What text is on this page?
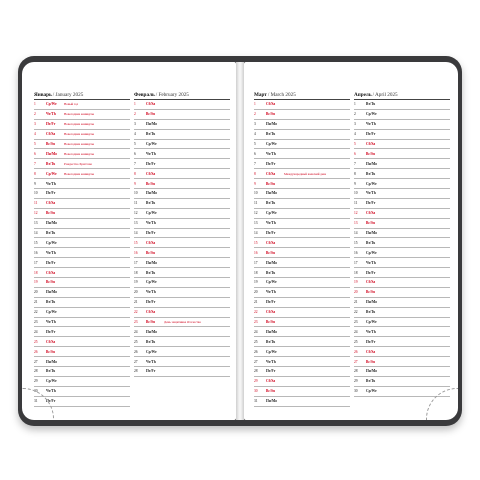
Январь / January 2025
1	Ср/We	Новый год
2	Чт/Th	Новогодние каникулы
3	Пт/Fr	Новогодние каникулы
4	Сб/Sa	Новогодние каникулы
5	Вс/Su	Новогодние каникулы
6	Пн/Mo	Новогодние каникулы
7	Вт/Tu	Рождество Христово
8	Ср/We	Новогодние каникулы
9	Чт/Th
10	Пт/Fr
11	Сб/Sa
12	Вс/Su
13	Пн/Mo
14	Вт/Tu
15	Ср/We
16	Чт/Th
17	Пт/Fr
18	Сб/Sa
19	Вс/Su
20	Пн/Mo
21	Вт/Tu
22	Ср/We
23	Чт/Th
24	Пт/Fr
25	Сб/Sa
26	Вс/Su
27	Пн/Mo
28	Вт/Tu
29	Ср/We
30	Чт/Th
31	Пт/Fr
Февраль / February 2025
1	Сб/Sa
2	Вс/Su
3	Пн/Mo
4	Вт/Tu
5	Ср/We
6	Чт/Th
7	Пт/Fr
8	Сб/Sa
9	Вс/Su
10	Пн/Mo
11	Вт/Tu
12	Ср/We
13	Чт/Th
14	Пт/Fr
15	Сб/Sa
16	Вс/Su
17	Пн/Mo
18	Вт/Tu
19	Ср/We
20	Чт/Th
21	Пт/Fr
22	Сб/Sa
23	Вс/Su	День защитника Отечества
24	Пн/Mo
25	Вт/Tu
26	Ср/We
27	Чт/Th
28	Пт/Fr
Март / March 2025
1	Сб/Sa
2	Вс/Su
3	Пн/Mo
4	Вт/Tu
5	Ср/We
6	Чт/Th
7	Пт/Fr
8	Сб/Sa	Международный женский день
9	Вс/Su
10	Пн/Mo
11	Вт/Tu
12	Ср/We
13	Чт/Th
14	Пт/Fr
15	Сб/Sa
16	Вс/Su
17	Пн/Mo
18	Вт/Tu
19	Ср/We
20	Чт/Th
21	Пт/Fr
22	Сб/Sa
23	Вс/Su
24	Пн/Mo
25	Вт/Tu
26	Ср/We
27	Чт/Th
28	Пт/Fr
29	Сб/Sa
30	Вс/Su
31	Пн/Mo
Апрель / April 2025
1	Вт/Tu
2	Ср/We
3	Чт/Th
4	Пт/Fr
5	Сб/Sa
6	Вс/Su
7	Пн/Mo
8	Вт/Tu
9	Ср/We
10	Чт/Th
11	Пт/Fr
12	Сб/Sa
13	Вс/Su
14	Пн/Mo
15	Вт/Tu
16	Ср/We
17	Чт/Th
18	Пт/Fr
19	Сб/Sa
20	Вс/Su
21	Пн/Mo
22	Вт/Tu
23	Ср/We
24	Чт/Th
25	Пт/Fr
26	Сб/Sa
27	Вс/Su
28	Пн/Mo
29	Вт/Tu
30	Ср/We
